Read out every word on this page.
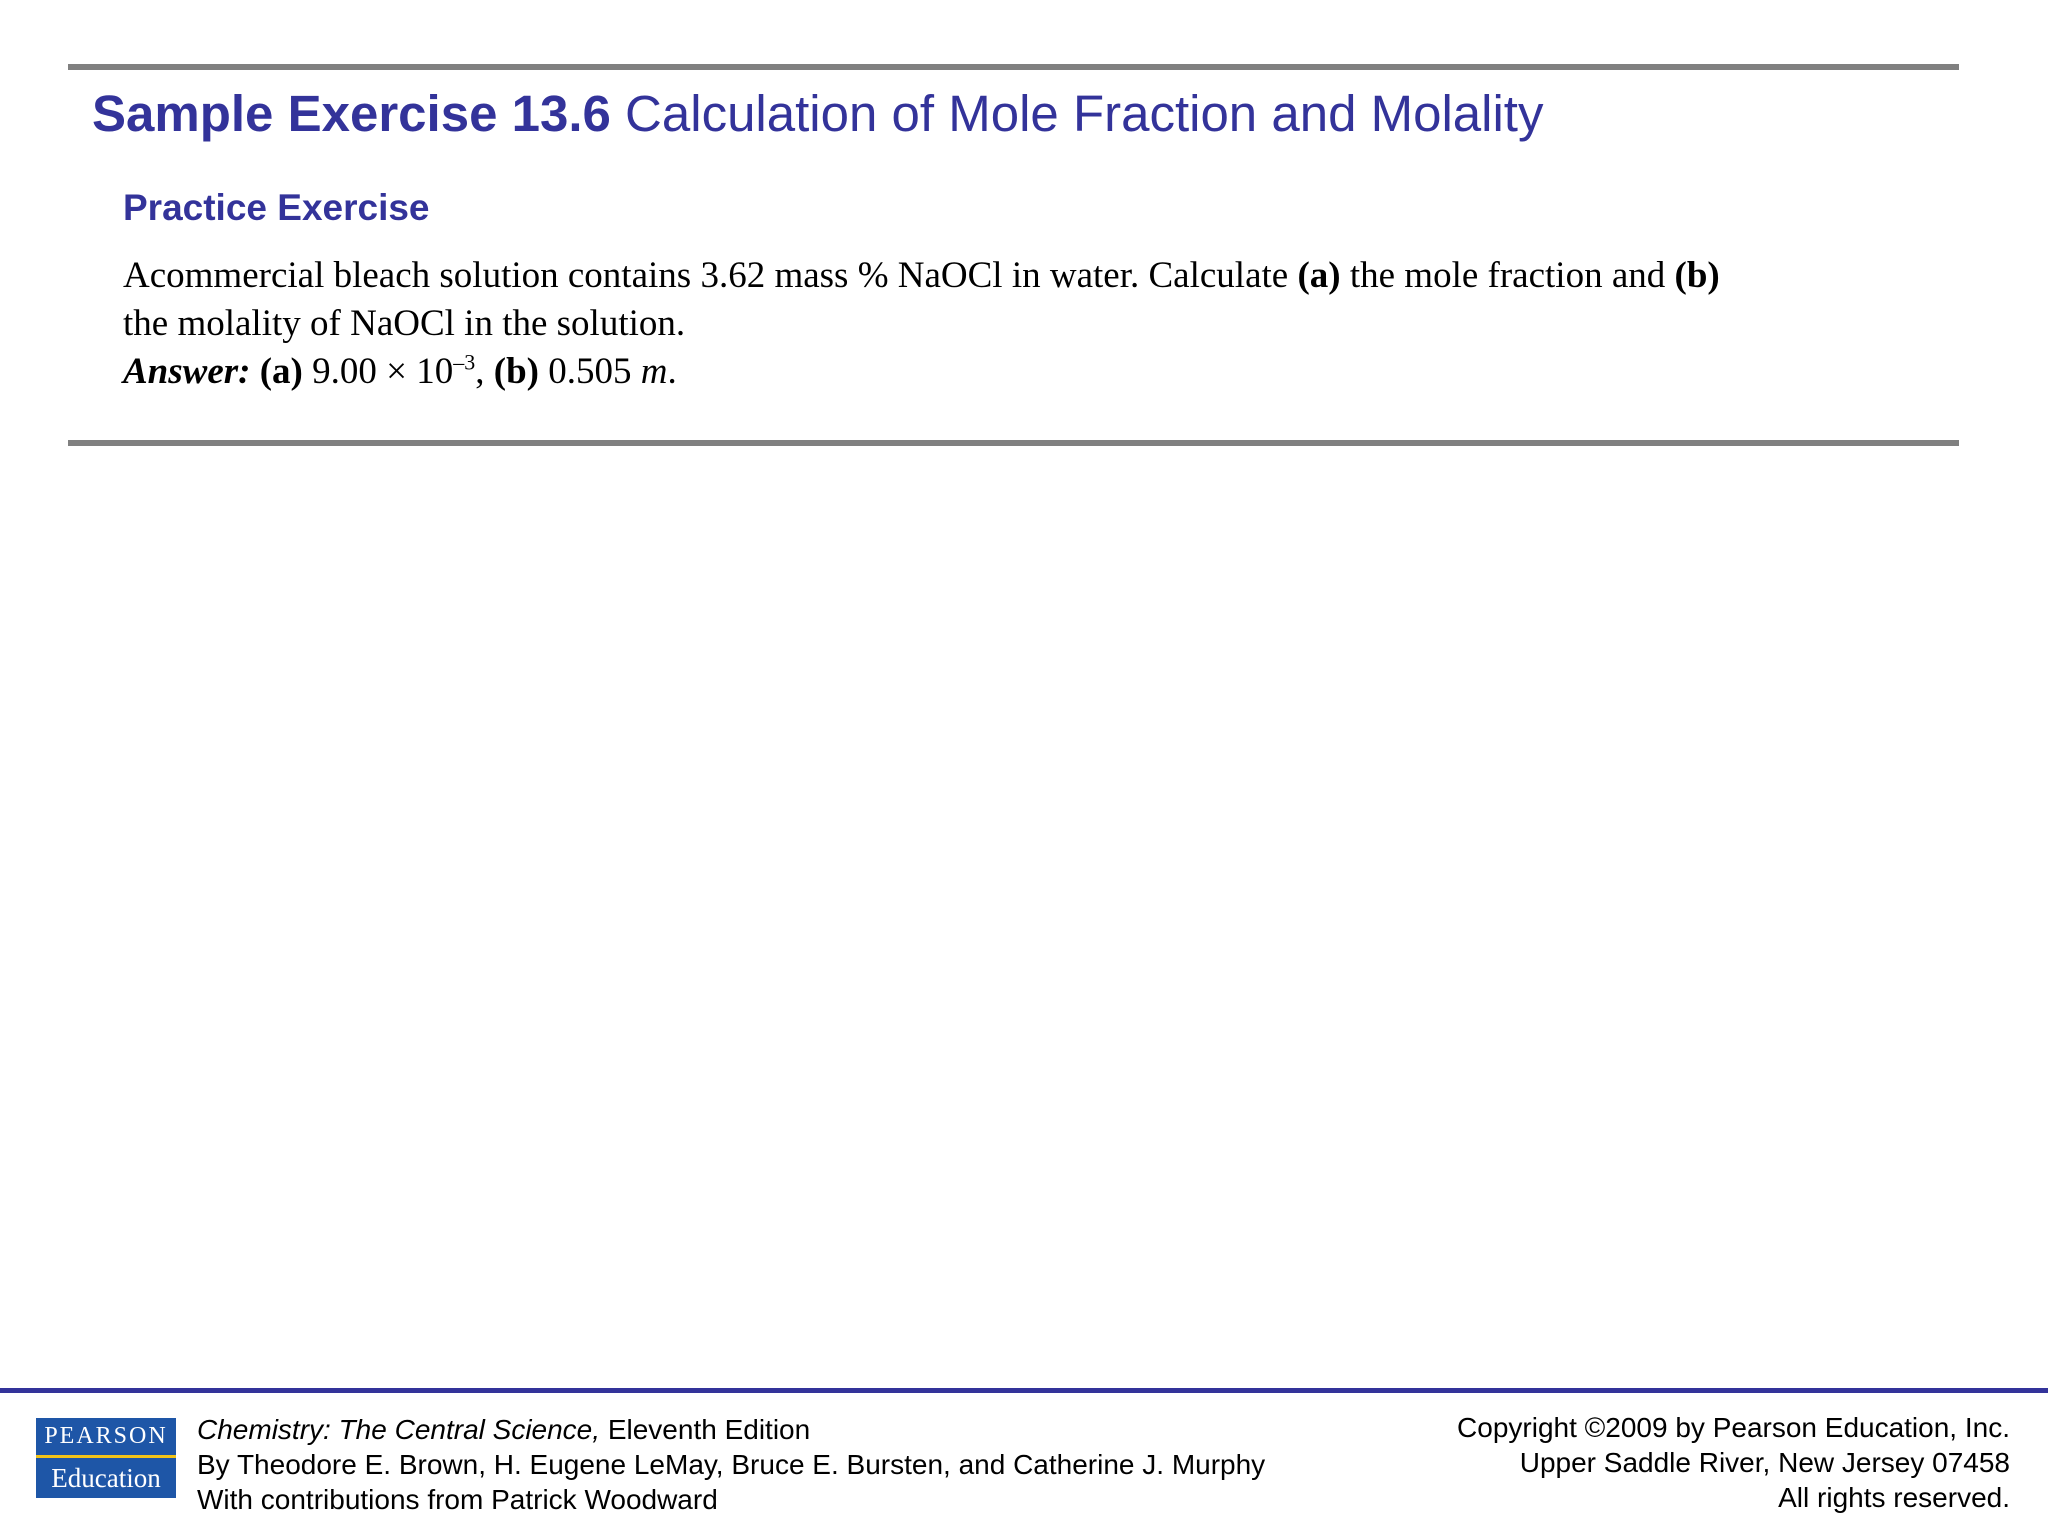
Sample Exercise 13.6 Calculation of Mole Fraction and Molality
Practice Exercise
Acommercial bleach solution contains 3.62 mass % NaOCl in water. Calculate (a) the mole fraction and (b)
the molality of NaOCl in the solution.
Answer: (a) $9.00 \times 10^{-3}$, (b) 0.505 m.
PEARSON
Education
Chemistry: The Central Science, Eleventh Edition
By Theodore E. Brown, H. Eugene LeMay, Bruce E. Bursten, and Catherine J. Murphy
With contributions from Patrick Woodward
Copyright ©2009 by Pearson Education, Inc.
Upper Saddle River, New Jersey 07458
All rights reserved.
